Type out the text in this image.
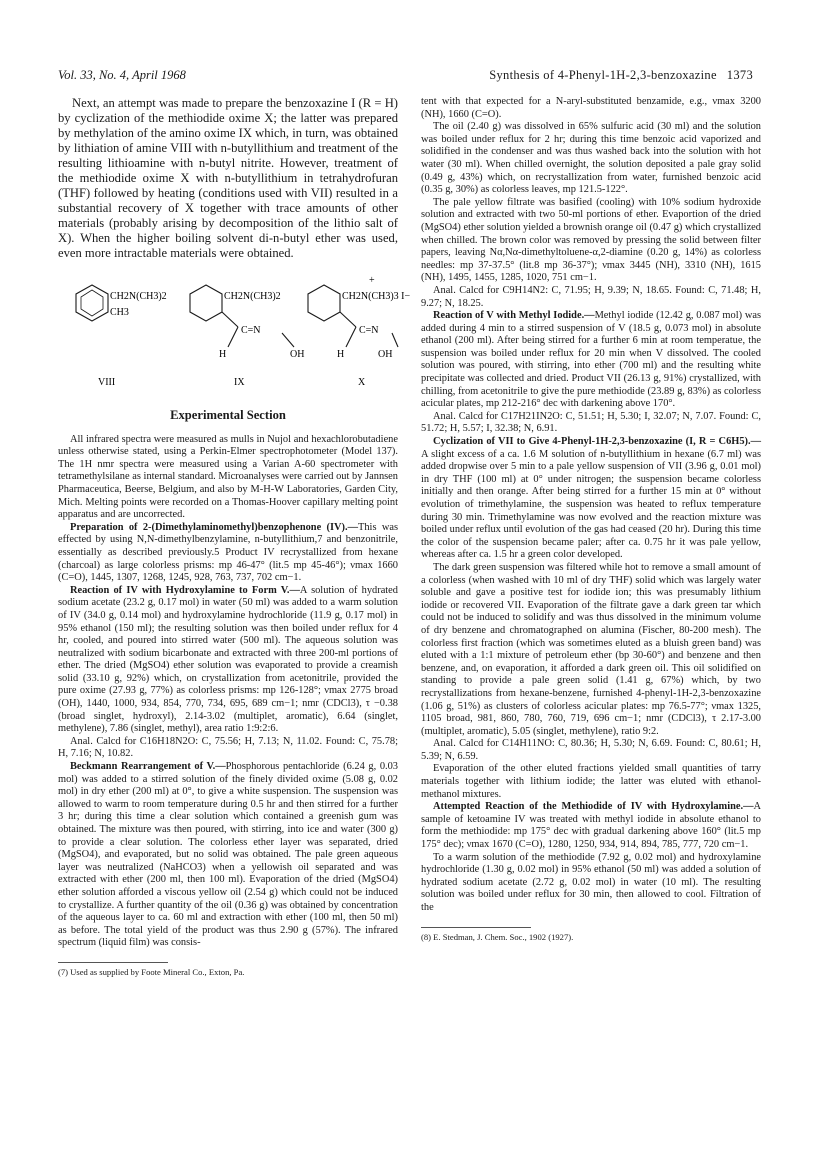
Vol. 33, No. 4, April 1968	Synthesis of 4-Phenyl-1H-2,3-benzoxazine 1373

Next, an attempt was made to prepare the benzoxazine I (R = H) by cyclization of the methiodide oxime X; the latter was prepared by methylation of the amino oxime IX which, in turn, was obtained by lithiation of amine VIII with n-butyllithium and treatment of the resulting lithioamine with n-butyl nitrite. However, treatment of the methiodide oxime X with n-butyllithium in tetrahydrofuran (THF) followed by heating (conditions used with VII) resulted in a substantial recovery of X together with trace amounts of other materials (probably arising by decomposition of the lithio salt of X). When the higher boiling solvent di-n-butyl ether was used, even more intractable materials were obtained.

CH2N(CH3)2
CH3
CH2N(CH3)2
C=N
H	OH
+
CH2N(CH3)3 I−
C=N
H	OH
VIII	IX	X
Experimental Section

All infrared spectra were measured as mulls in Nujol and hexachlorobutadiene unless otherwise stated, using a Perkin-Elmer spectrophotometer (Model 137). The 1H nmr spectra were measured using a Varian A-60 spectrometer with tetramethylsilane as internal standard. Microanalyses were carried out by Jannsen Pharmaceutica, Beerse, Belgium, and also by M-H-W Laboratories, Garden City, Mich. Melting points were recorded on a Thomas-Hoover capillary melting point apparatus and are uncorrected.

Preparation of 2-(Dimethylaminomethyl)benzophenone (IV).—This was effected by using N,N-dimethylbenzylamine, n-butyllithium,7 and benzonitrile, essentially as described previously.5 Product IV recrystallized from hexane (charcoal) as large colorless prisms: mp 46-47° (lit.5 mp 45-46°); νmax 1660 (C=O), 1445, 1307, 1268, 1245, 928, 763, 737, 702 cm−1.

Reaction of IV with Hydroxylamine to Form V.—A solution of hydrated sodium acetate (23.2 g, 0.17 mol) in water (50 ml) was added to a warm solution of IV (34.0 g, 0.14 mol) and hydroxylamine hydrochloride (11.9 g, 0.17 mol) in 95% ethanol (150 ml); the resulting solution was then boiled under reflux for 4 hr, cooled, and poured into stirred water (500 ml). The aqueous solution was neutralized with sodium bicarbonate and extracted with three 200-ml portions of ether. The dried (MgSO4) ether solution was evaporated to provide a creamish solid (33.10 g, 92%) which, on crystallization from acetonitrile, provided the pure oxime (27.93 g, 77%) as colorless prisms: mp 126-128°; νmax 2775 broad (OH), 1440, 1000, 934, 854, 770, 734, 695, 689 cm−1; nmr (CDCl3), τ −0.38 (broad singlet, hydroxyl), 2.14-3.02 (multiplet, aromatic), 6.64 (singlet, methylene), 7.86 (singlet, methyl), area ratio 1:9:2:6.

Anal. Calcd for C16H18N2O: C, 75.56; H, 7.13; N, 11.02. Found: C, 75.78; H, 7.16; N, 10.82.

Beckmann Rearrangement of V.—Phosphorous pentachloride (6.24 g, 0.03 mol) was added to a stirred solution of the finely divided oxime (5.08 g, 0.02 mol) in dry ether (200 ml) at 0°, to give a white suspension. The suspension was allowed to warm to room temperature during 0.5 hr and then stirred for a further 3 hr; during this time a clear solution which contained a greenish gum was obtained. The mixture was then poured, with stirring, into ice and water (300 g) to provide a clear solution. The colorless ether layer was separated, dried (MgSO4), and evaporated, but no solid was obtained. The pale green aqueous layer was neutralized (NaHCO3) when a yellowish oil separated and was extracted with ether (200 ml, then 100 ml). Evaporation of the dried (MgSO4) ether solution afforded a viscous yellow oil (2.54 g) which could not be induced to crystallize. A further quantity of the oil (0.36 g) was obtained by concentration of the aqueous layer to ca. 60 ml and extraction with ether (100 ml, then 50 ml) as before. The total yield of the product was thus 2.90 g (57%). The infrared spectrum (liquid film) was consis-

(7) Used as supplied by Foote Mineral Co., Exton, Pa.

tent with that expected for a N-aryl-substituted benzamide, e.g., νmax 3200 (NH), 1660 (C=O).

The oil (2.40 g) was dissolved in 65% sulfuric acid (30 ml) and the solution was boiled under reflux for 2 hr; during this time benzoic acid vaporized and solidified in the condenser and was thus washed back into the solution with hot water (30 ml). When chilled overnight, the solution deposited a pale gray solid (0.49 g, 43%) which, on recrystallization from water, furnished benzoic acid (0.35 g, 30%) as colorless leaves, mp 121.5-122°.

The pale yellow filtrate was basified (cooling) with 10% sodium hydroxide solution and extracted with two 50-ml portions of ether. Evaportion of the dried (MgSO4) ether solution yielded a brownish orange oil (0.47 g) which crystallized when chilled. The brown color was removed by pressing the solid between filter papers, leaving Nα,Nα-dimethyltoluene-α,2-diamine (0.20 g, 14%) as colorless needles: mp 37-37.5° (lit.8 mp 36-37°); νmax 3445 (NH), 3310 (NH), 1615 (NH), 1495, 1455, 1285, 1020, 751 cm−1.

Anal. Calcd for C9H14N2: C, 71.95; H, 9.39; N, 18.65. Found: C, 71.48; H, 9.27; N, 18.25.

Reaction of V with Methyl Iodide.—Methyl iodide (12.42 g, 0.087 mol) was added during 4 min to a stirred suspension of V (18.5 g, 0.073 mol) in absolute ethanol (200 ml). After being stirred for a further 6 min at room temperatue, the suspension was boiled under reflux for 20 min when V dissolved. The cooled solution was poured, with stirring, into ether (700 ml) and the resulting white precipitate was collected and dried. Product VII (26.13 g, 91%) crystallized, with chilling, from acetonitrile to give the pure methiodide (23.89 g, 83%) as colorless acicular plates, mp 212-216° dec with darkening above 170°.

Anal. Calcd for C17H21IN2O: C, 51.51; H, 5.30; I, 32.07; N, 7.07. Found: C, 51.72; H, 5.57; I, 32.38; N, 6.91.

Cyclization of VII to Give 4-Phenyl-1H-2,3-benzoxazine (I, R = C6H5).—A slight excess of a ca. 1.6 M solution of n-butyllithium in hexane (6.7 ml) was added dropwise over 5 min to a pale yellow suspension of VII (3.96 g, 0.01 mol) in dry THF (100 ml) at 0° under nitrogen; the suspension became colorless initially and then orange. After being stirred for a further 15 min at 0° without evolution of trimethylamine, the suspension was heated to reflux temperature during 30 min. Trimethylamine was now evolved and the reaction mixture was boiled under reflux until evolution of the gas had ceased (20 hr). During this time the color of the suspension became paler; after ca. 0.75 hr it was pale yellow, whereas after ca. 1.5 hr a green color developed.

The dark green suspension was filtered while hot to remove a small amount of a colorless (when washed with 10 ml of dry THF) solid which was largely water soluble and gave a positive test for iodide ion; this was presumably lithium iodide or recovered VII. Evaporation of the filtrate gave a dark green tar which could not be induced to solidify and was thus dissolved in the minimum volume of dry benzene and chromatographed on alumina (Fischer, 80-200 mesh). The colorless first fraction (which was sometimes eluted as a bluish green band) was eluted with a 1:1 mixture of petroleum ether (bp 30-60°) and benzene and then benzene, and, on evaporation, it afforded a dark green oil. This oil solidified on standing to provide a pale green solid (1.41 g, 67%) which, by two recrystallizations from hexane-benzene, furnished 4-phenyl-1H-2,3-benzoxazine (1.06 g, 51%) as clusters of colorless acicular plates: mp 76.5-77°; νmax 1325, 1105 broad, 981, 860, 780, 760, 719, 696 cm−1; nmr (CDCl3), τ 2.17-3.00 (multiplet, aromatic), 5.05 (singlet, methylene), ratio 9:2.

Anal. Calcd for C14H11NO: C, 80.36; H, 5.30; N, 6.69. Found: C, 80.61; H, 5.39; N, 6.59.

Evaporation of the other eluted fractions yielded small quantities of tarry materials together with lithium iodide; the latter was eluted with ethanol-methanol mixtures.

Attempted Reaction of the Methiodide of IV with Hydroxylamine.—A sample of ketoamine IV was treated with methyl iodide in absolute ethanol to form the methiodide: mp 175° dec with gradual darkening above 160° (lit.5 mp 175° dec); νmax 1670 (C=O), 1280, 1250, 934, 914, 894, 785, 777, 720 cm−1.

To a warm solution of the methiodide (7.92 g, 0.02 mol) and hydroxylamine hydrochloride (1.30 g, 0.02 mol) in 95% ethanol (50 ml) was added a solution of hydrated sodium acetate (2.72 g, 0.02 mol) in water (10 ml). The resulting solution was boiled under reflux for 30 min, then allowed to cool. Filtration of the

(8) E. Stedman, J. Chem. Soc., 1902 (1927).
